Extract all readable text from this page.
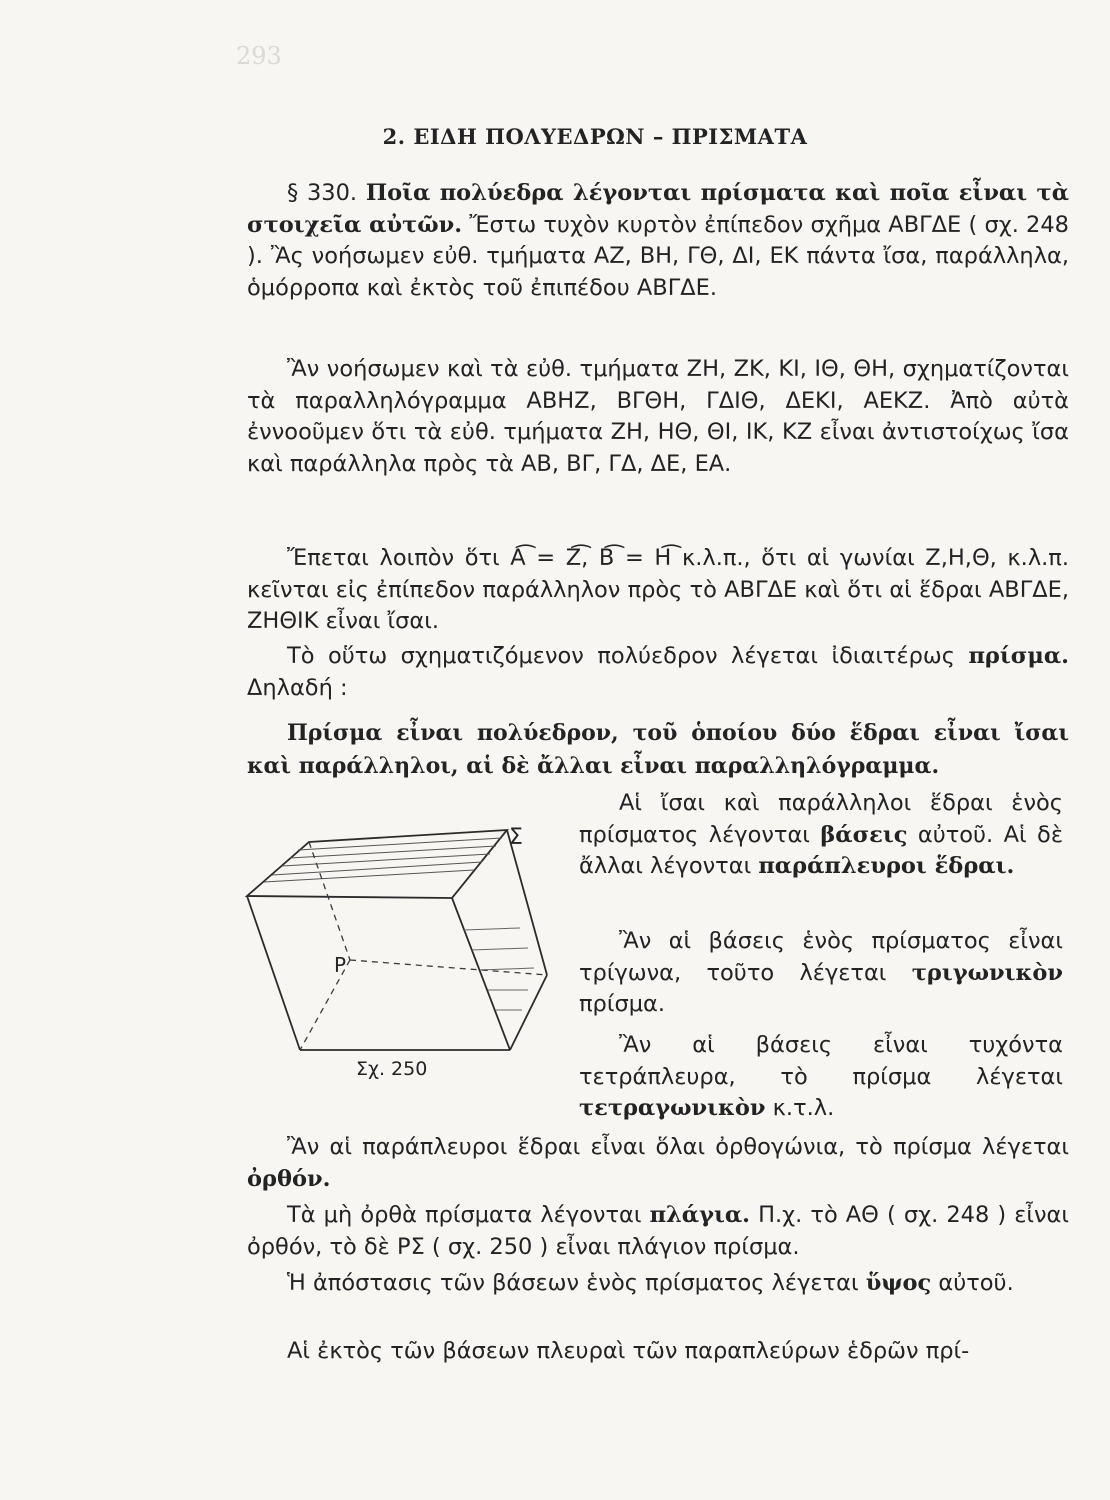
293
2. ΕΙΔΗ ΠΟΛΥΕΔΡΩΝ – ΠΡΙΣΜΑΤΑ

§ 330. Ποῖα πολύεδρα λέγονται πρίσματα καὶ ποῖα εἶναι τὰ στοιχεῖα αὐτῶν. Ἔστω τυχὸν κυρτὸν ἐπίπεδον σχῆμα ΑΒΓΔΕ ( σχ. 248 ). Ἂς νοήσωμεν εὐθ. τμήματα ΑΖ, ΒΗ, ΓΘ, ΔΙ, ΕΚ πάντα ἴσα, παράλληλα, ὁμόρροπα καὶ ἐκτὸς τοῦ ἐπιπέδου ΑΒΓΔΕ.

Ἂν νοήσωμεν καὶ τὰ εὐθ. τμήματα ΖΗ, ΖΚ, ΚΙ, ΙΘ, ΘΗ, σχηματίζονται τὰ παραλληλόγραμμα ΑΒΗΖ, ΒΓΘΗ, ΓΔΙΘ, ΔΕΚΙ, ΑΕΚΖ. Ἀπὸ αὐτὰ ἐννοοῦμεν ὅτι τὰ εὐθ. τμήματα ΖΗ, ΗΘ, ΘΙ, ΙΚ, ΚΖ εἶναι ἀντιστοίχως ἴσα καὶ παράλληλα πρὸς τὰ ΑΒ, ΒΓ, ΓΔ, ΔΕ, ΕΑ.

Ἔπεται λοιπὸν ὅτι Α͡ = Ζ͡, Β͡ = Η͡ κ.λ.π., ὅτι αἱ γωνίαι Ζ,Η,Θ, κ.λ.π. κεῖνται εἰς ἐπίπεδον παράλληλον πρὸς τὸ ΑΒΓΔΕ καὶ ὅτι αἱ ἕδραι ΑΒΓΔΕ, ΖΗΘΙΚ εἶναι ἴσαι.

Τὸ οὕτω σχηματιζόμενον πολύεδρον λέγεται ἰδιαιτέρως πρίσμα. Δηλαδή :

Πρίσμα εἶναι πολύεδρον, τοῦ ὁποίου δύο ἕδραι εἶναι ἴσαι καὶ παράλληλοι, αἱ δὲ ἄλλαι εἶναι παραλληλόγραμμα.

Αἱ ἴσαι καὶ παράλληλοι ἕδραι ἑνὸς πρίσματος λέγονται βάσεις αὐτοῦ. Αἱ δὲ ἄλλαι λέγονται παράπλευροι ἕδραι.

Ἂν αἱ βάσεις ἑνὸς πρίσματος εἶναι τρίγωνα, τοῦτο λέγεται τριγωνικὸν πρίσμα.

Ἂν αἱ βάσεις εἶναι τυχόντα τετράπλευρα, τὸ πρίσμα λέγεται τετραγωνικὸν κ.τ.λ.

Ρ
Σ
Σχ. 250

Ἂν αἱ παράπλευροι ἕδραι εἶναι ὅλαι ὀρθογώνια, τὸ πρίσμα λέγεται ὀρθόν.

Τὰ μὴ ὀρθὰ πρίσματα λέγονται πλάγια. Π.χ. τὸ ΑΘ ( σχ. 248 ) εἶναι ὀρθόν, τὸ δὲ ΡΣ ( σχ. 250 ) εἶναι πλάγιον πρίσμα.

Ἡ ἀπόστασις τῶν βάσεων ἑνὸς πρίσματος λέγεται ὕψος αὐτοῦ.

Αἱ ἐκτὸς τῶν βάσεων πλευραὶ τῶν παραπλεύρων ἑδρῶν πρί-
